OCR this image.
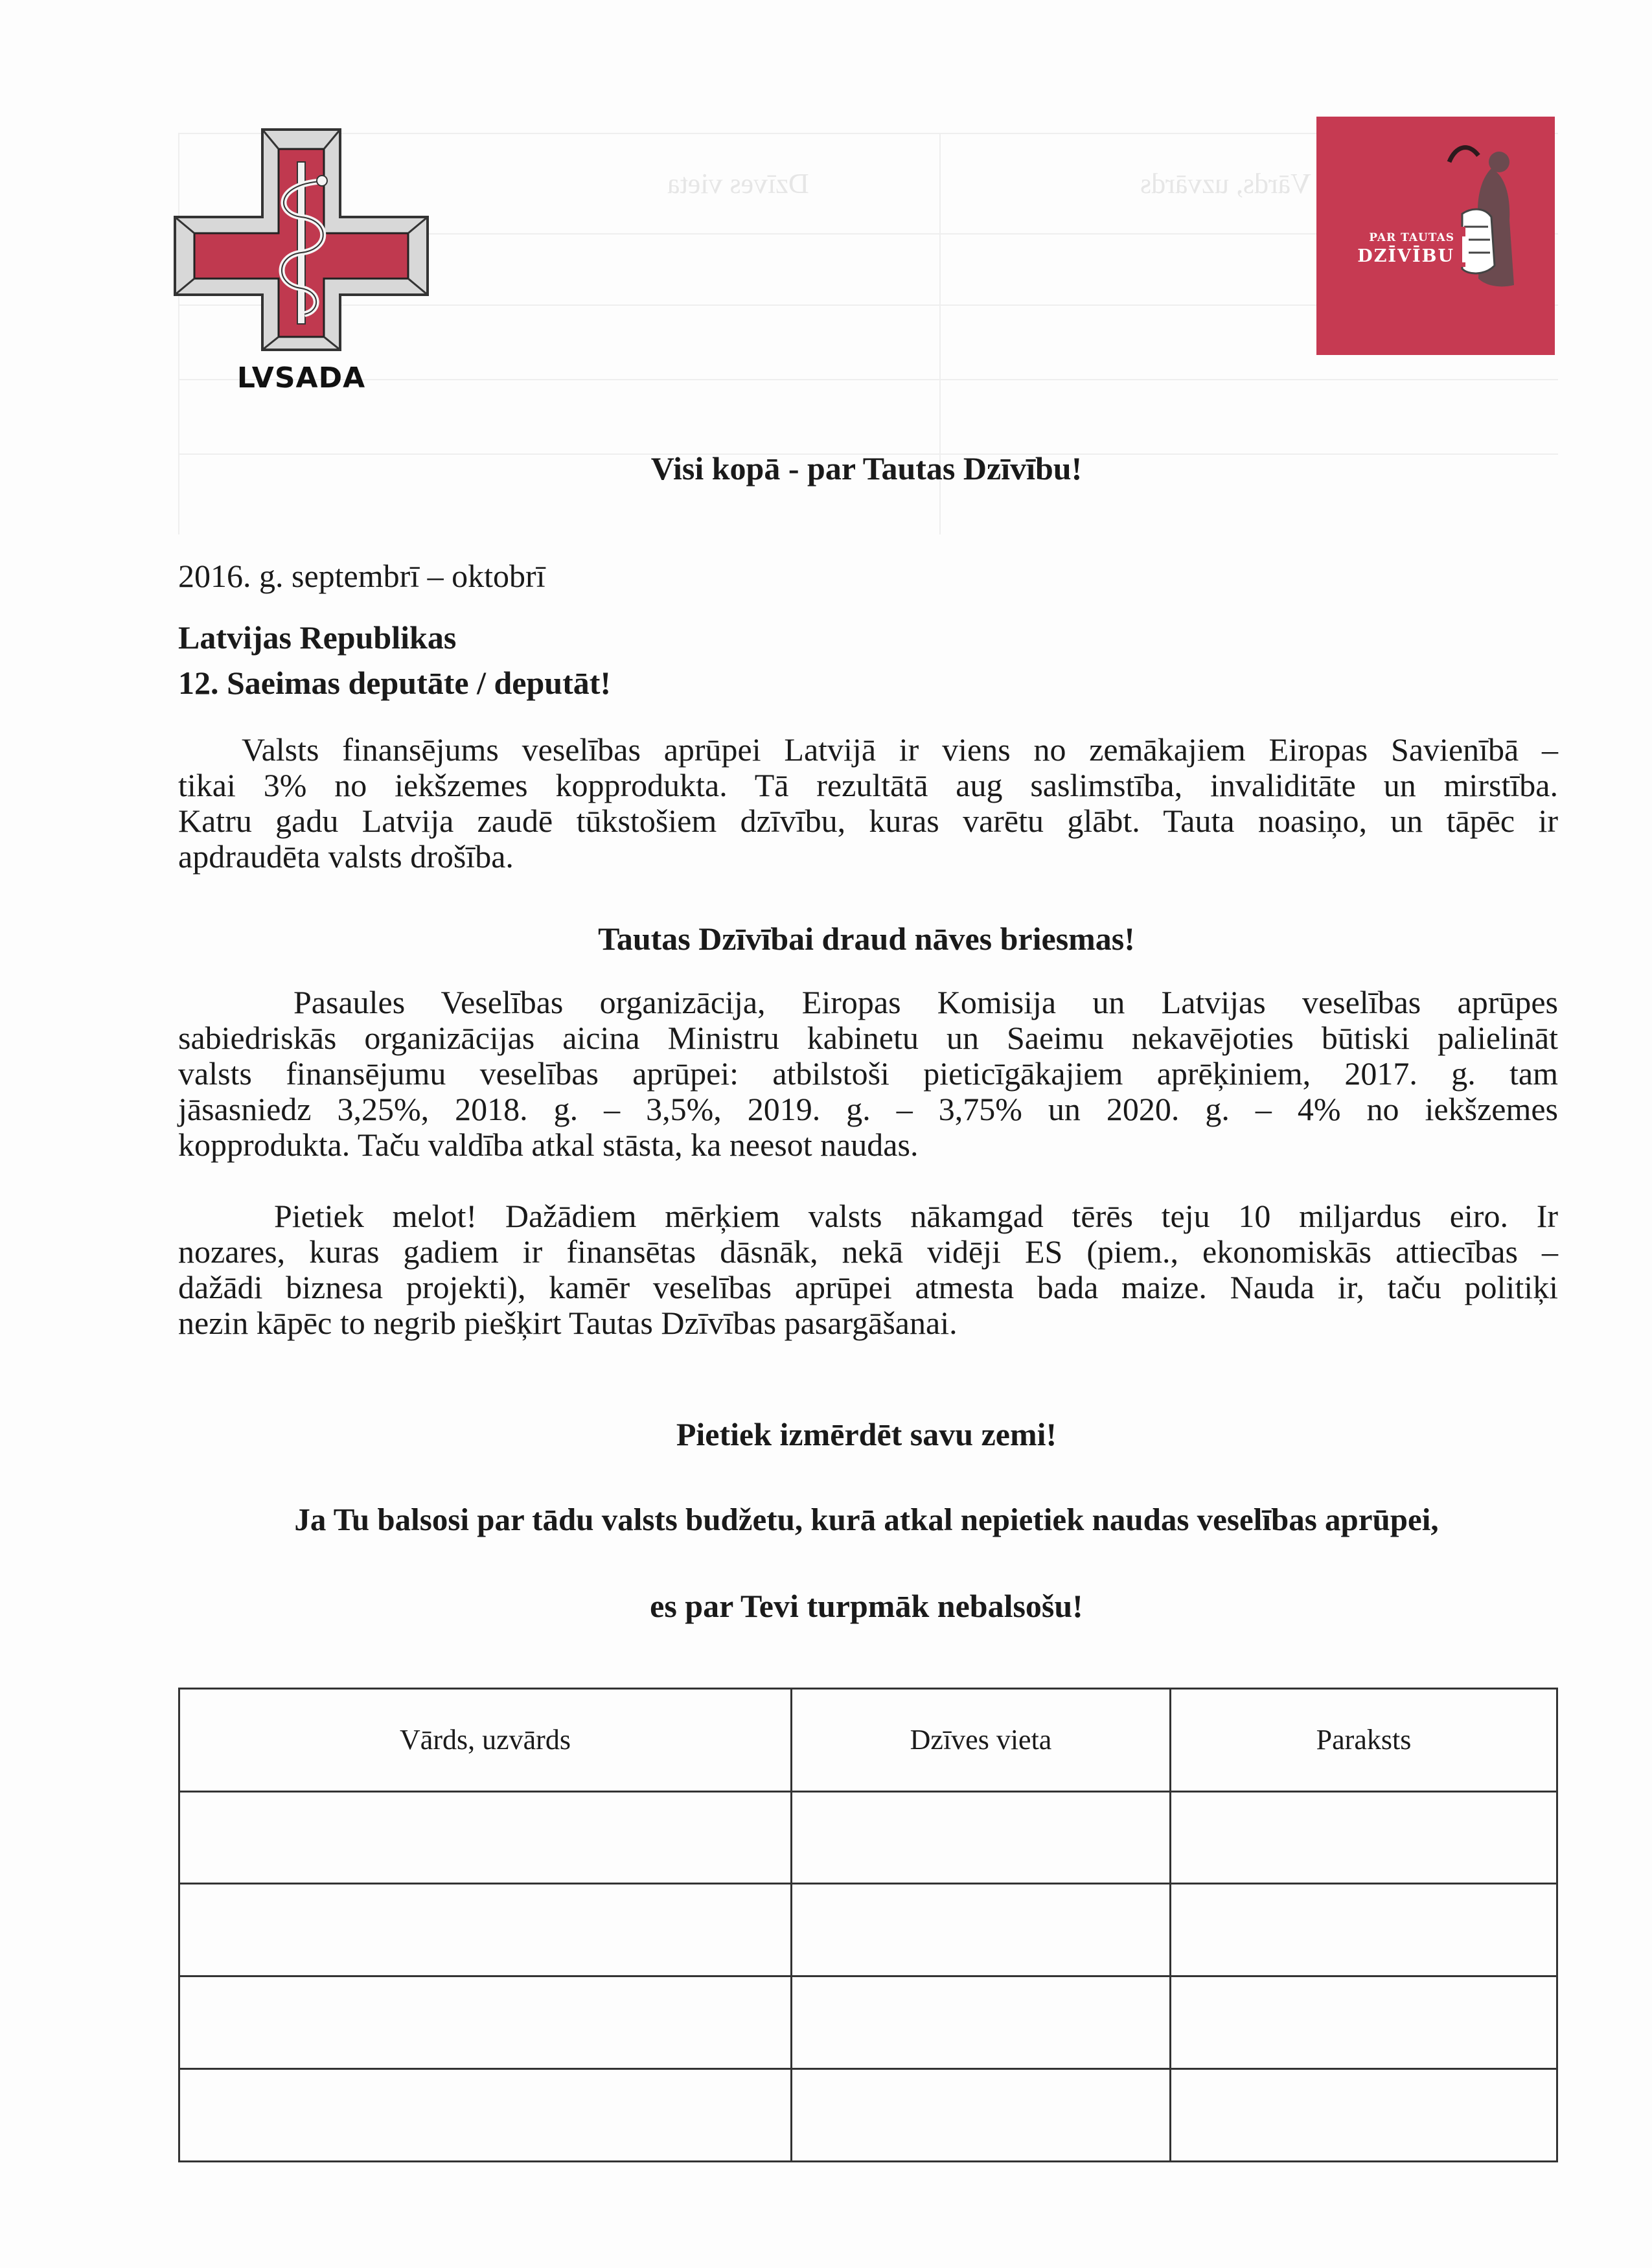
Dzīves vieta	Vārds, uzvārds
LVSADA
PAR TAUTAS
DZĪVĪBU
Visi kopā - par Tautas Dzīvību!
2016. g. septembrī – oktobrī
Latvijas Republikas
12. Saeimas deputāte / deputāt!
Valsts finansējums veselības aprūpei Latvijā ir viens no zemākajiem Eiropas Savienībā –
tikai 3% no iekšzemes kopprodukta. Tā rezultātā aug saslimstība, invaliditāte un mirstība.
Katru gadu Latvija zaudē tūkstošiem dzīvību, kuras varētu glābt. Tauta noasiņo, un tāpēc ir
apdraudēta valsts drošība.
Tautas Dzīvībai draud nāves briesmas!
Pasaules Veselības organizācija, Eiropas Komisija un Latvijas veselības aprūpes
sabiedriskās organizācijas aicina Ministru kabinetu un Saeimu nekavējoties būtiski palielināt
valsts finansējumu veselības aprūpei: atbilstoši pieticīgākajiem aprēķiniem, 2017. g. tam
jāsasniedz 3,25%, 2018. g. – 3,5%, 2019. g. – 3,75% un 2020. g. – 4% no iekšzemes
kopprodukta. Taču valdība atkal stāsta, ka neesot naudas.
Pietiek melot! Dažādiem mērķiem valsts nākamgad tērēs teju 10 miljardus eiro. Ir
nozares, kuras gadiem ir finansētas dāsnāk, nekā vidēji ES (piem., ekonomiskās attiecības –
dažādi biznesa projekti), kamēr veselības aprūpei atmesta bada maize. Nauda ir, taču politiķi
nezin kāpēc to negrib piešķirt Tautas Dzīvības pasargāšanai.
Pietiek izmērdēt savu zemi!
Ja Tu balsosi par tādu valsts budžetu, kurā atkal nepietiek naudas veselības aprūpei,
es par Tevi turpmāk nebalsošu!
Vārds, uzvārds	Dzīves vieta	Paraksts
